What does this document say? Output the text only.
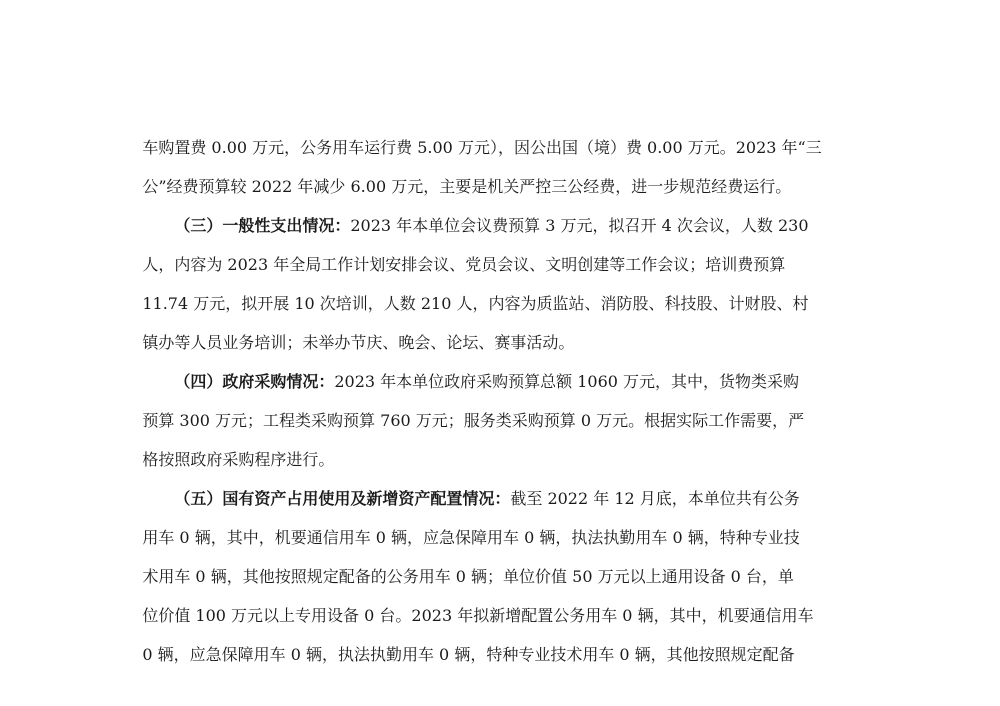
车购置费 0.00 万元，公务用车运行费 5.00 万元），因公出国（境）费 0.00 万元。2023 年“三

公”经费预算较 2022 年减少 6.00 万元，主要是机关严控三公经费，进一步规范经费运行。

（三）一般性支出情况：2023 年本单位会议费预算 3 万元，拟召开 4 次会议，人数 230

人，内容为 2023 年全局工作计划安排会议、党员会议、文明创建等工作会议；培训费预算

11.74 万元，拟开展 10 次培训，人数 210 人，内容为质监站、消防股、科技股、计财股、村

镇办等人员业务培训；未举办节庆、晚会、论坛、赛事活动。

（四）政府采购情况：2023 年本单位政府采购预算总额 1060 万元，其中，货物类采购

预算 300 万元；工程类采购预算 760 万元；服务类采购预算 0 万元。根据实际工作需要，严

格按照政府采购程序进行。

（五）国有资产占用使用及新增资产配置情况：截至 2022 年 12 月底，本单位共有公务

用车 0 辆，其中，机要通信用车 0 辆，应急保障用车 0 辆，执法执勤用车 0 辆，特种专业技

术用车 0 辆，其他按照规定配备的公务用车 0 辆；单位价值 50 万元以上通用设备 0 台，单

位价值 100 万元以上专用设备 0 台。2023 年拟新增配置公务用车 0 辆，其中，机要通信用车

0 辆，应急保障用车 0 辆，执法执勤用车 0 辆，特种专业技术用车 0 辆，其他按照规定配备
